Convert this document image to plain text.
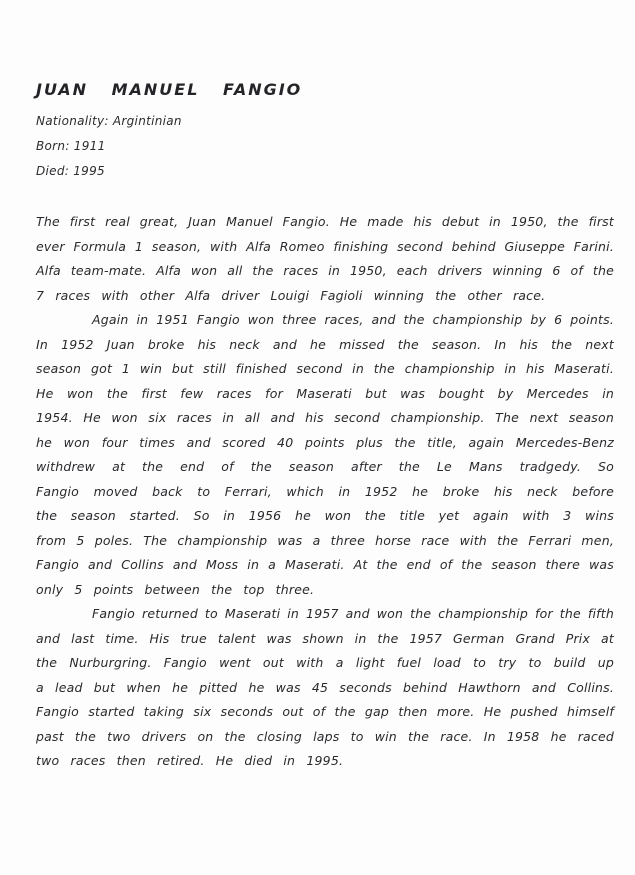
JUAN MANUEL FANGIO
Nationality: Argintinian
Born: 1911
Died: 1995
The first real great, Juan Manuel Fangio. He made his debut in 1950, the first
ever Formula 1 season, with Alfa Romeo finishing second behind Giuseppe Farini.
Alfa team-mate. Alfa won all the races in 1950, each drivers winning 6 of the
7 races with other Alfa driver Louigi Fagioli winning the other race.
Again in 1951 Fangio won three races, and the championship by 6 points.
In 1952 Juan broke his neck and he missed the season. In his the next
season got 1 win but still finished second in the championship in his Maserati.
He won the first few races for Maserati but was bought by Mercedes in
1954. He won six races in all and his second championship. The next season
he won four times and scored 40 points plus the title, again Mercedes-Benz
withdrew at the end of the season after the Le Mans tradgedy. So
Fangio moved back to Ferrari, which in 1952 he broke his neck before
the season started. So in 1956 he won the title yet again with 3 wins
from 5 poles. The championship was a three horse race with the Ferrari men,
Fangio and Collins and Moss in a Maserati. At the end of the season there was
only 5 points between the top three.
Fangio returned to Maserati in 1957 and won the championship for the fifth
and last time. His true talent was shown in the 1957 German Grand Prix at
the Nurburgring. Fangio went out with a light fuel load to try to build up
a lead but when he pitted he was 45 seconds behind Hawthorn and Collins.
Fangio started taking six seconds out of the gap then more. He pushed himself
past the two drivers on the closing laps to win the race. In 1958 he raced
two races then retired. He died in 1995.
